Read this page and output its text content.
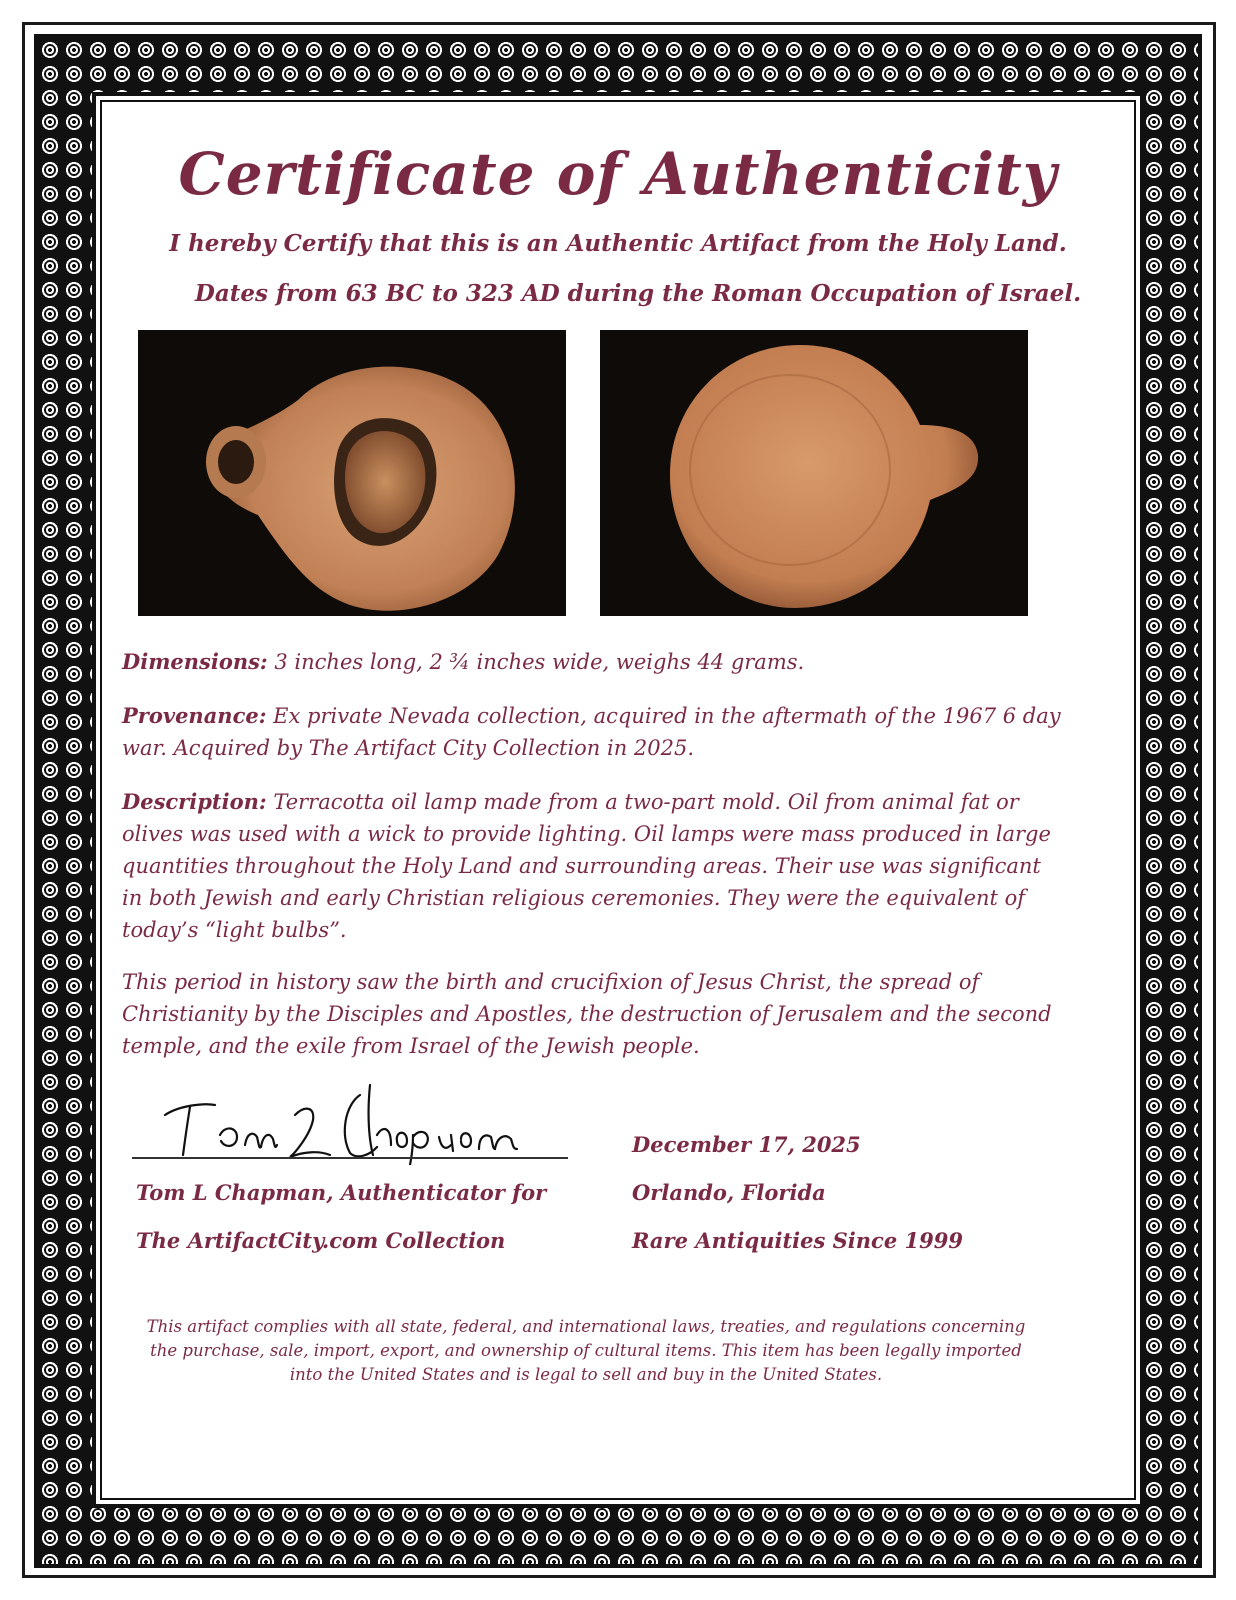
Certificate of Authenticity
I hereby Certify that this is an Authentic Artifact from the Holy Land.
Dates from 63 BC to 323 AD during the Roman Occupation of Israel.
Dimensions: 3 inches long, 2 ¾ inches wide, weighs 44 grams.
Provenance: Ex private Nevada collection, acquired in the aftermath of the 1967 6 day war. Acquired by The Artifact City Collection in 2025.
Description: Terracotta oil lamp made from a two-part mold. Oil from animal fat or olives was used with a wick to provide lighting. Oil lamps were mass produced in large quantities throughout the Holy Land and surrounding areas. Their use was significant in both Jewish and early Christian religious ceremonies. They were the equivalent of today’s “light bulbs”.
This period in history saw the birth and crucifixion of Jesus Christ, the spread of Christianity by the Disciples and Apostles, the destruction of Jerusalem and the second temple, and the exile from Israel of the Jewish people.
Tom L Chapman, Authenticator for
The ArtifactCity.com Collection
December 17, 2025
Orlando, Florida
Rare Antiquities Since 1999
This artifact complies with all state, federal, and international laws, treaties, and regulations concerning the purchase, sale, import, export, and ownership of cultural items. This item has been legally imported into the United States and is legal to sell and buy in the United States.
